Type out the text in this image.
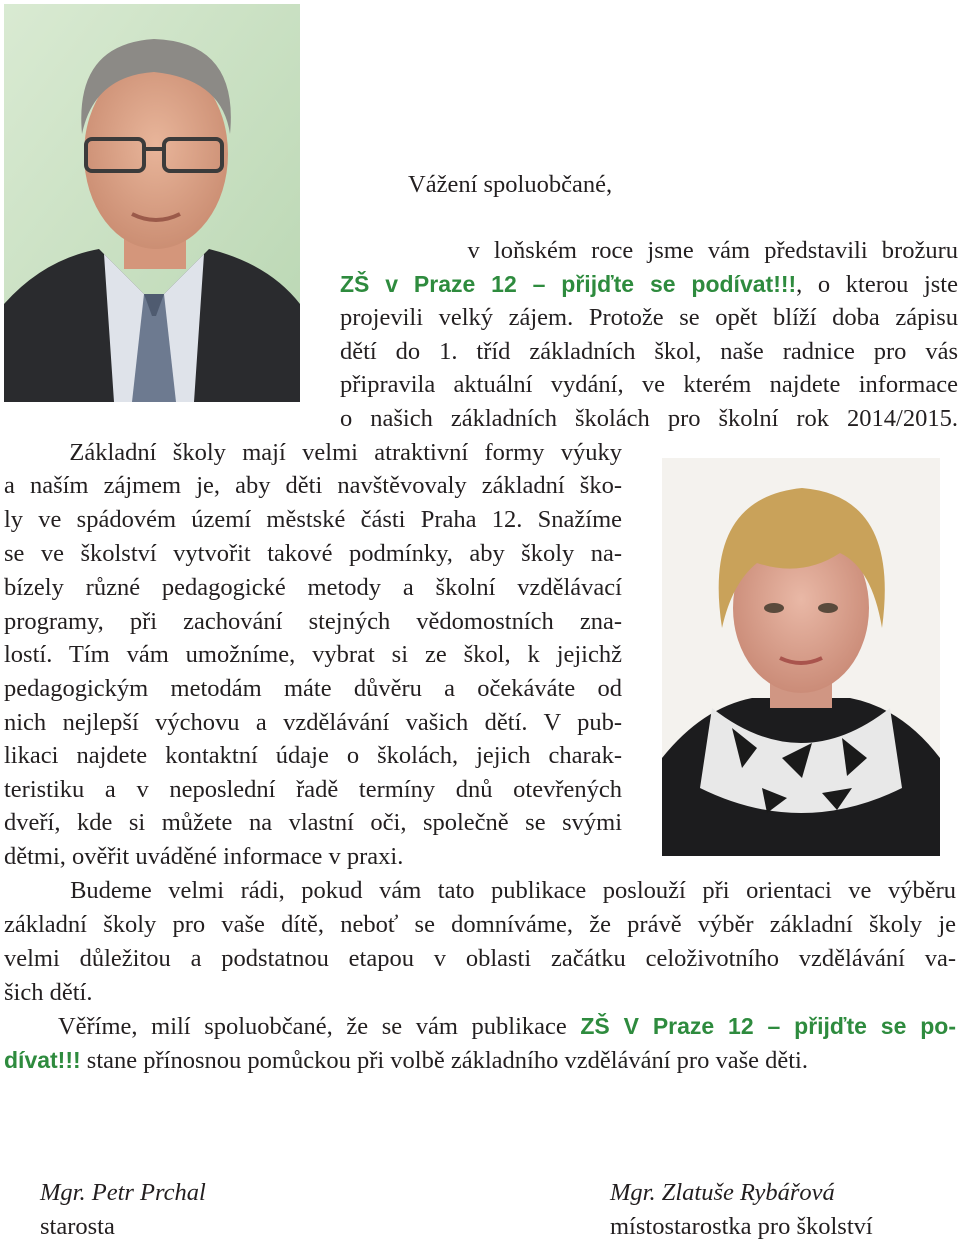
Vážení spoluobčané,
v loňském roce jsme vám představili brožuru
ZŠ v Praze 12 – přijďte se podívat!!!, o kterou jste
projevili velký zájem. Protože se opět blíží doba zápisu
dětí do 1. tříd základních škol, naše radnice pro vás
připravila aktuální vydání, ve kterém najdete informace
o našich základních školách pro školní rok 2014/2015.
Základní školy mají velmi atraktivní formy výuky
a naším zájmem je, aby děti navštěvovaly základní ško-
ly ve spádovém území městské části Praha 12. Snažíme
se ve školství vytvořit takové podmínky, aby školy na-
bízely různé pedagogické metody a školní vzdělávací
programy, při zachování stejných vědomostních zna-
lostí. Tím vám umožníme, vybrat si ze škol, k jejichž
pedagogickým metodám máte důvěru a očekáváte od
nich nejlepší výchovu a vzdělávání vašich dětí. V pub-
likaci najdete kontaktní údaje o školách, jejich charak-
teristiku a v neposlední řadě termíny dnů otevřených
dveří, kde si můžete na vlastní oči, společně se svými
dětmi, ověřit uváděné informace v praxi.
Budeme velmi rádi, pokud vám tato publikace poslouží při orientaci ve výběru
základní školy pro vaše dítě, neboť se domníváme, že právě výběr základní školy je
velmi důležitou a podstatnou etapou v oblasti začátku celoživotního vzdělávání va-
šich dětí.
Věříme, milí spoluobčané, že se vám publikace ZŠ V Praze 12 – přijďte se po-
dívat!!! stane přínosnou pomůckou při volbě základního vzdělávání pro vaše děti.
Mgr. Petr Prchal
starosta
Mgr. Zlatuše Rybářová
místostarostka pro školství
